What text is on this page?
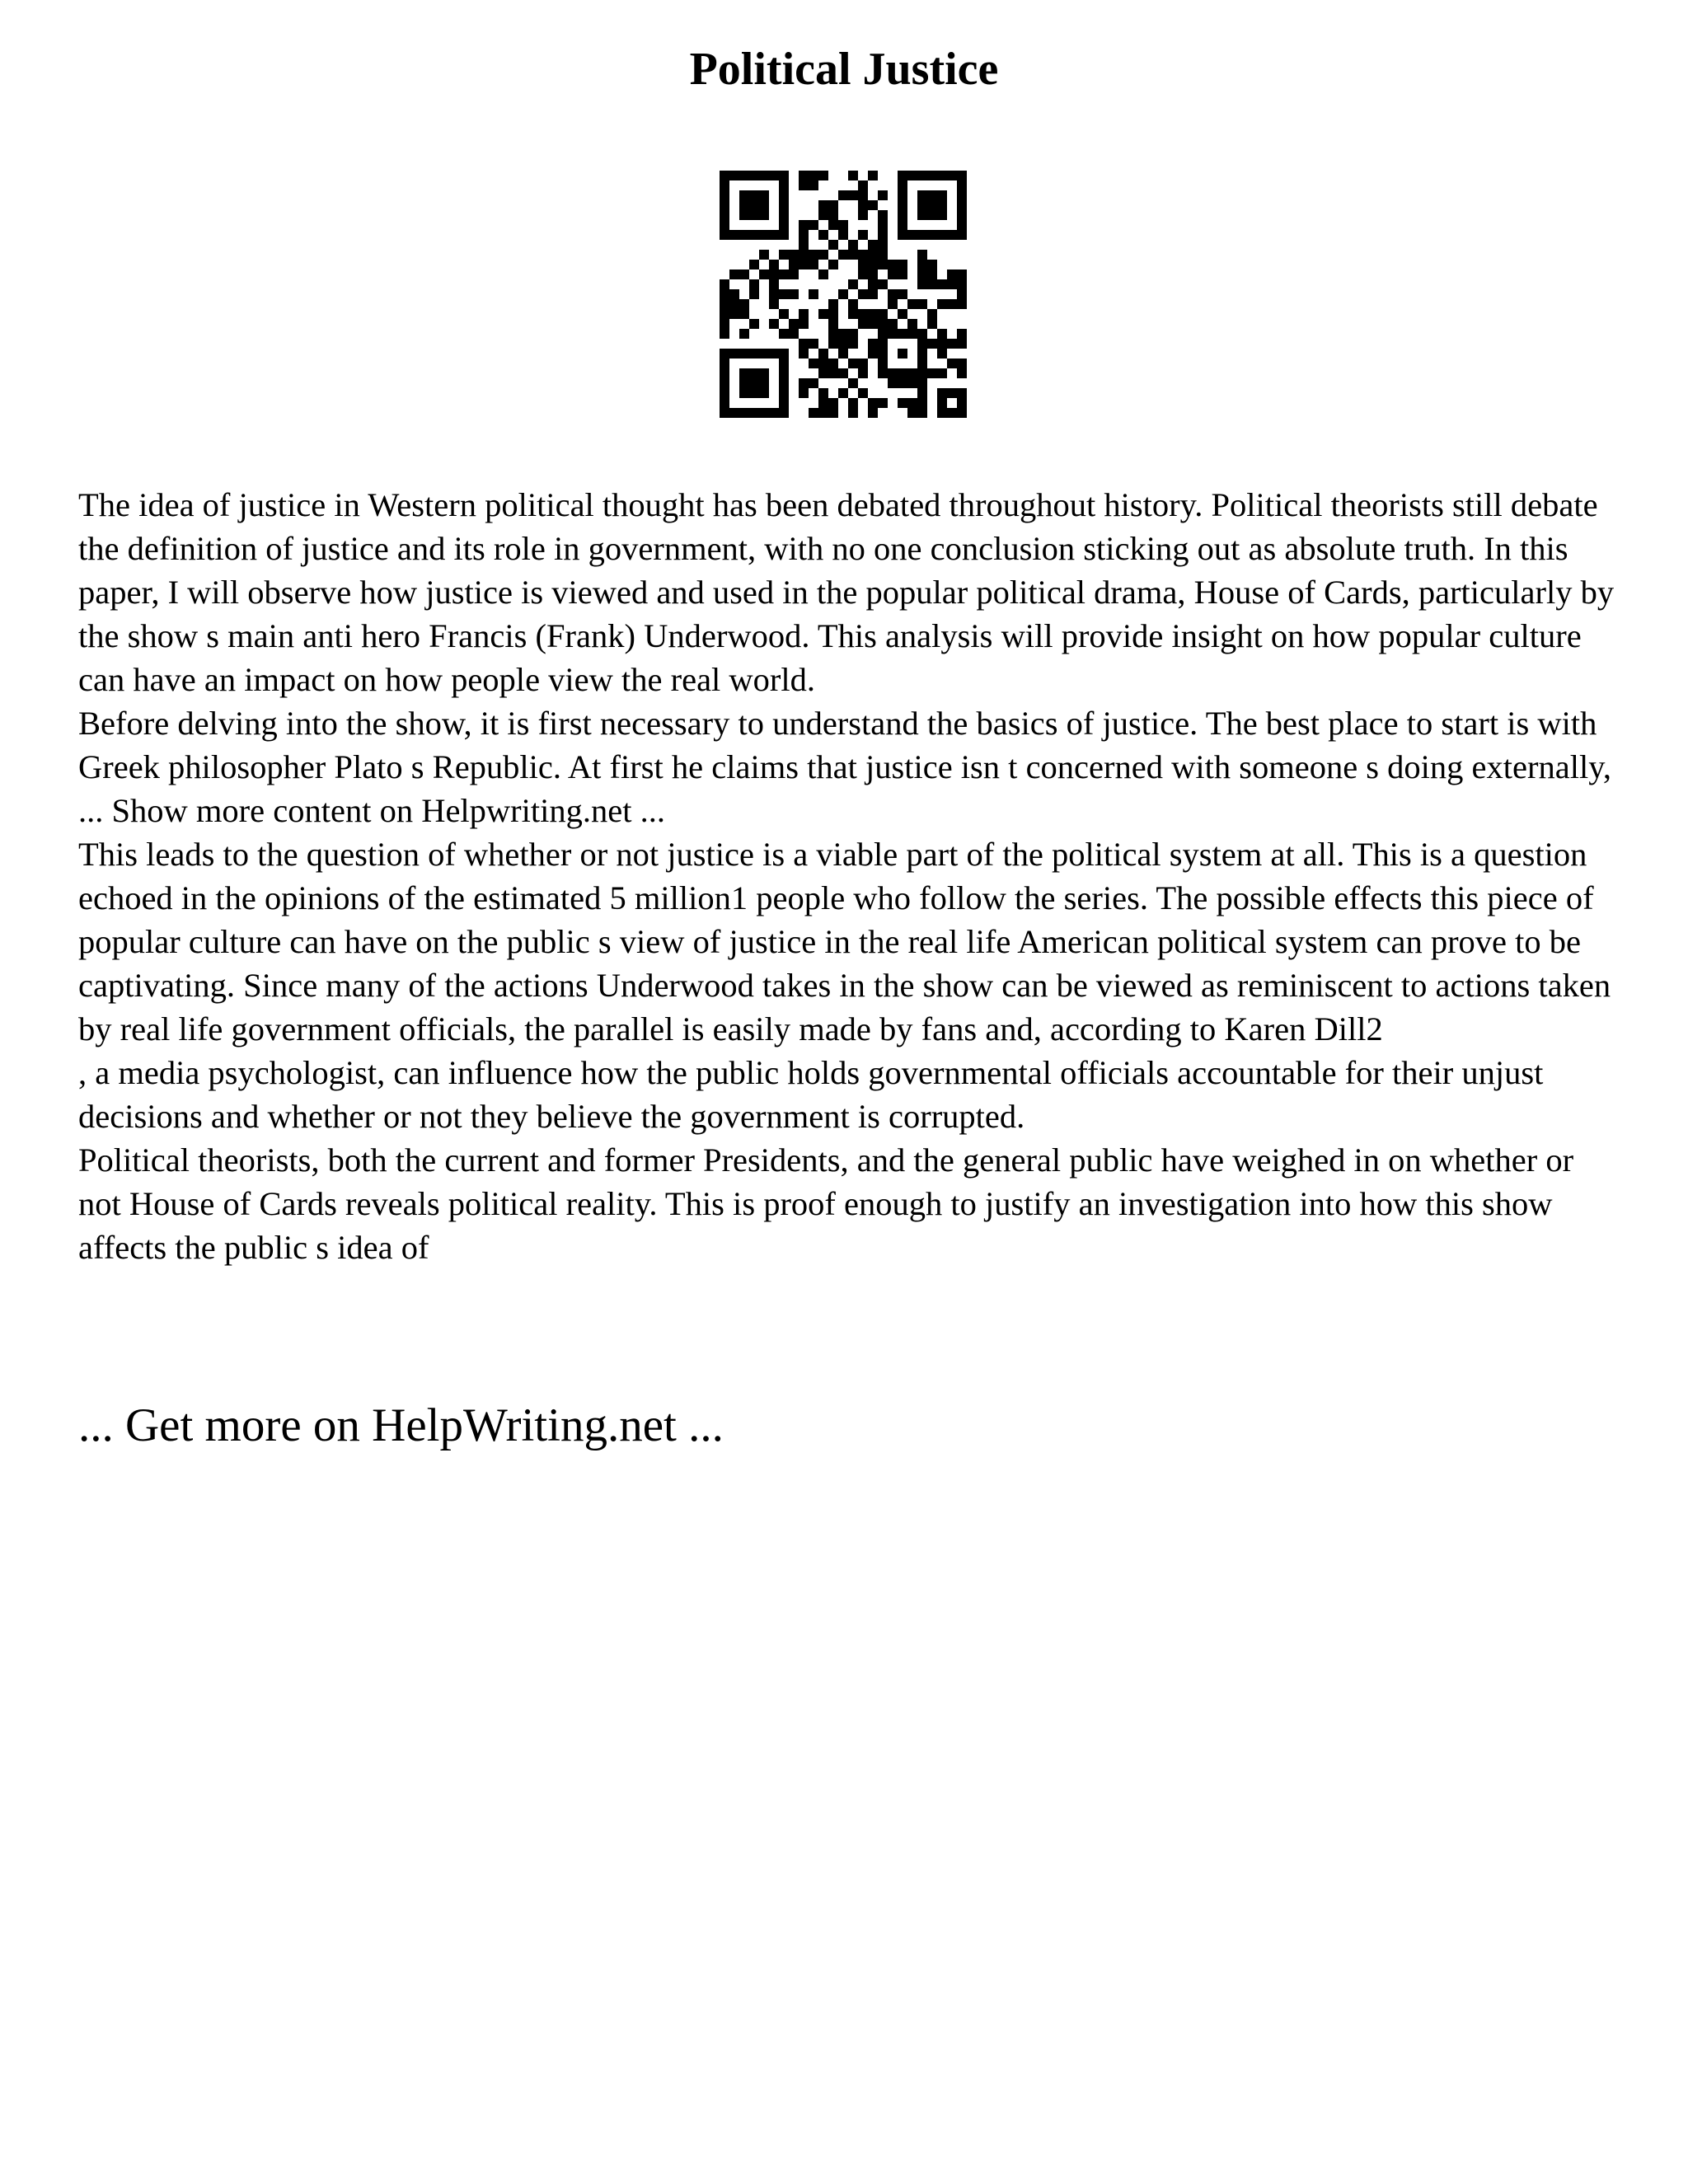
Political Justice

The idea of justice in Western political thought has been debated throughout history. Political theorists still debate the definition of justice and its role in government, with no one conclusion sticking out as absolute truth. In this paper, I will observe how justice is viewed and used in the popular political drama, House of Cards, particularly by the show s main anti hero Francis (Frank) Underwood. This analysis will provide insight on how popular culture can have an impact on how people view the real world.

Before delving into the show, it is first necessary to understand the basics of justice. The best place to start is with Greek philosopher Plato s Republic. At first he claims that justice isn t concerned with someone s doing externally, ... Show more content on Helpwriting.net ...

This leads to the question of whether or not justice is a viable part of the political system at all. This is a question echoed in the opinions of the estimated 5 million1 people who follow the series. The possible effects this piece of popular culture can have on the public s view of justice in the real life American political system can prove to be captivating. Since many of the actions Underwood takes in the show can be viewed as reminiscent to actions taken by real life government officials, the parallel is easily made by fans and, according to Karen Dill2

, a media psychologist, can influence how the public holds governmental officials accountable for their unjust decisions and whether or not they believe the government is corrupted.

Political theorists, both the current and former Presidents, and the general public have weighed in on whether or not House of Cards reveals political reality. This is proof enough to justify an investigation into how this show affects the public s idea of

... Get more on HelpWriting.net ...
